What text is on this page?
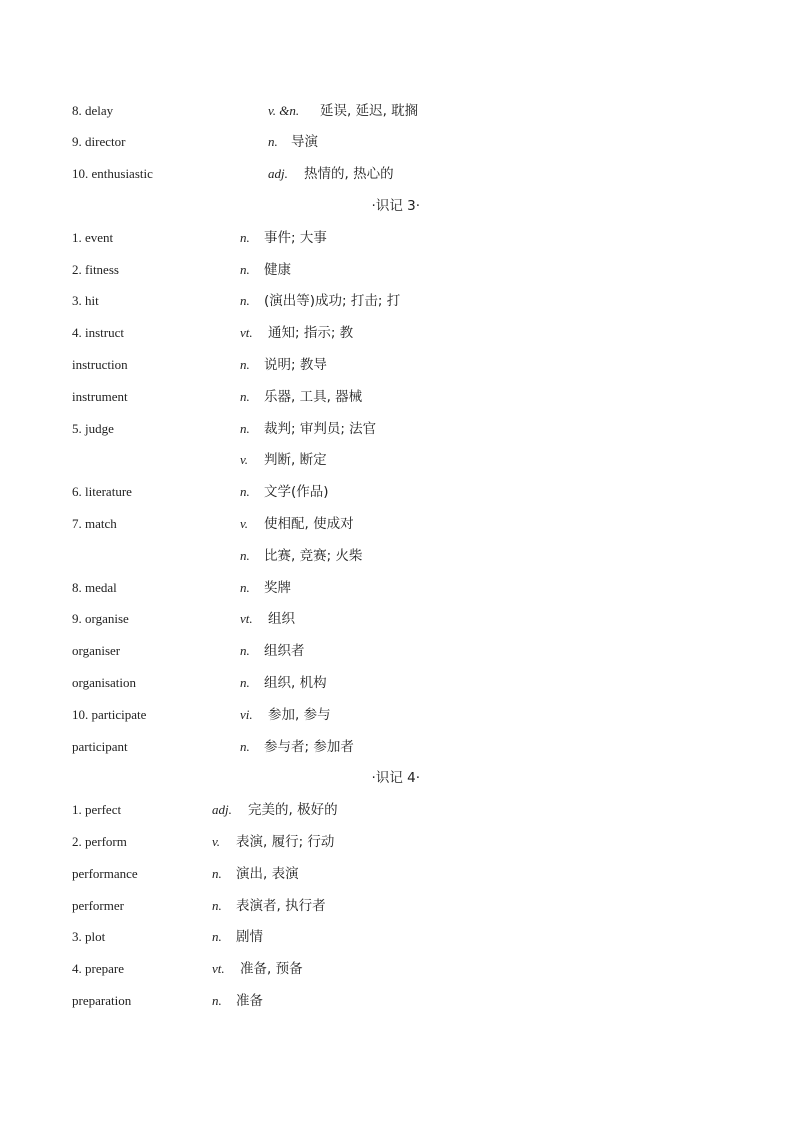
8. delay	v. &n. 延误, 延迟, 耽搁
9. director	n. 导演
10. enthusiastic	adj. 热情的, 热心的
·识记 3·
1. event	n. 事件; 大事
2. fitness	n. 健康
3. hit	n. (演出等)成功; 打击; 打
4. instruct	vt. 通知; 指示; 教
instruction	n. 说明; 教导
instrument	n. 乐器, 工具, 器械
5. judge	n. 裁判; 审判员; 法官
v. 判断, 断定
6. literature	n. 文学(作品)
7. match	v. 使相配, 使成对
n. 比赛, 竞赛; 火柴
8. medal	n. 奖牌
9. organise	vt. 组织
organiser	n. 组织者
organisation	n. 组织, 机构
10. participate	vi. 参加, 参与
participant	n. 参与者; 参加者
·识记 4·
1. perfect	adj. 完美的, 极好的
2. perform	v. 表演, 履行; 行动
performance	n. 演出, 表演
performer	n. 表演者, 执行者
3. plot	n. 剧情
4. prepare	vt. 准备, 预备
preparation	n. 准备
